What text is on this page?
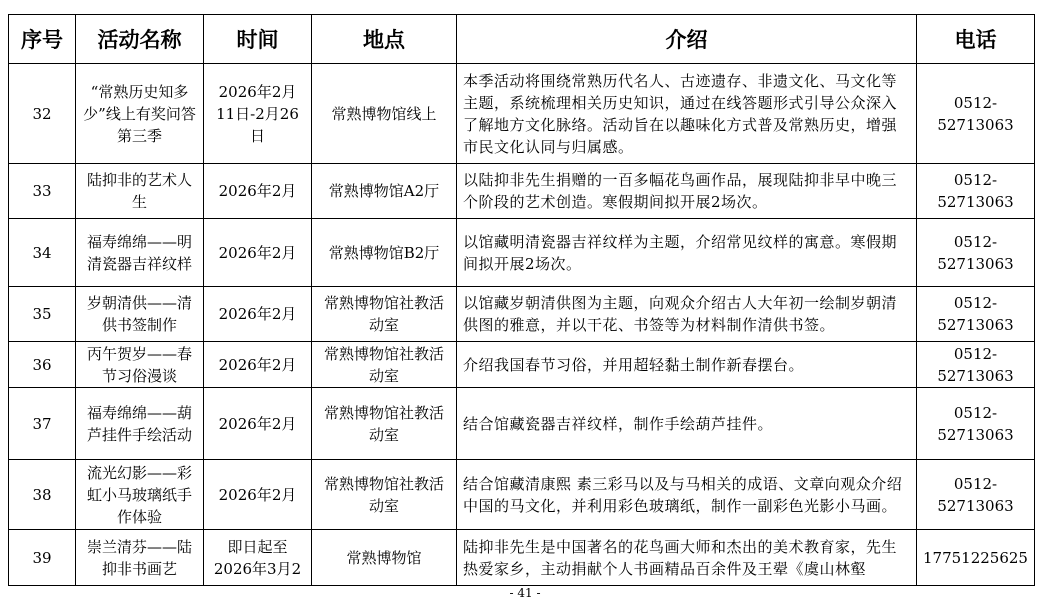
序号	活动名称	时间	地点	介绍	电话
32	“常熟历史知多少”线上有奖问答第三季	2026年2月11日-2月26日	常熟博物馆线上	本季活动将围绕常熟历代名人、古迹遗存、非遗文化、马文化等主题，系统梳理相关历史知识，通过在线答题形式引导公众深入了解地方文化脉络。活动旨在以趣味化方式普及常熟历史，增强市民文化认同与归属感。	0512-52713063
33	陆抑非的艺术人生	2026年2月	常熟博物馆A2厅	以陆抑非先生捐赠的一百多幅花鸟画作品，展现陆抑非早中晚三个阶段的艺术创造。寒假期间拟开展2场次。	0512-52713063
34	福寿绵绵——明清瓷器吉祥纹样	2026年2月	常熟博物馆B2厅	以馆藏明清瓷器吉祥纹样为主题，介绍常见纹样的寓意。寒假期间拟开展2场次。	0512-52713063
35	岁朝清供——清供书签制作	2026年2月	常熟博物馆社教活动室	以馆藏岁朝清供图为主题，向观众介绍古人大年初一绘制岁朝清供图的雅意，并以干花、书签等为材料制作清供书签。	0512-52713063
36	丙午贺岁——春节习俗漫谈	2026年2月	常熟博物馆社教活动室	介绍我国春节习俗，并用超轻黏土制作新春摆台。	0512-52713063
37	福寿绵绵——葫芦挂件手绘活动	2026年2月	常熟博物馆社教活动室	结合馆藏瓷器吉祥纹样，制作手绘葫芦挂件。	0512-52713063
38	流光幻影——彩虹小马玻璃纸手作体验	2026年2月	常熟博物馆社教活动室	结合馆藏清康熙 素三彩马以及与马相关的成语、文章向观众介绍中国的马文化，并利用彩色玻璃纸，制作一副彩色光影小马画。	0512-52713063
39	崇兰清芬——陆抑非书画艺	即日起至2026年3月2	常熟博物馆	陆抑非先生是中国著名的花鸟画大师和杰出的美术教育家，先生热爱家乡，主动捐献个人书画精品百余件及王翚《虞山林壑	17751225625
- 41 -
